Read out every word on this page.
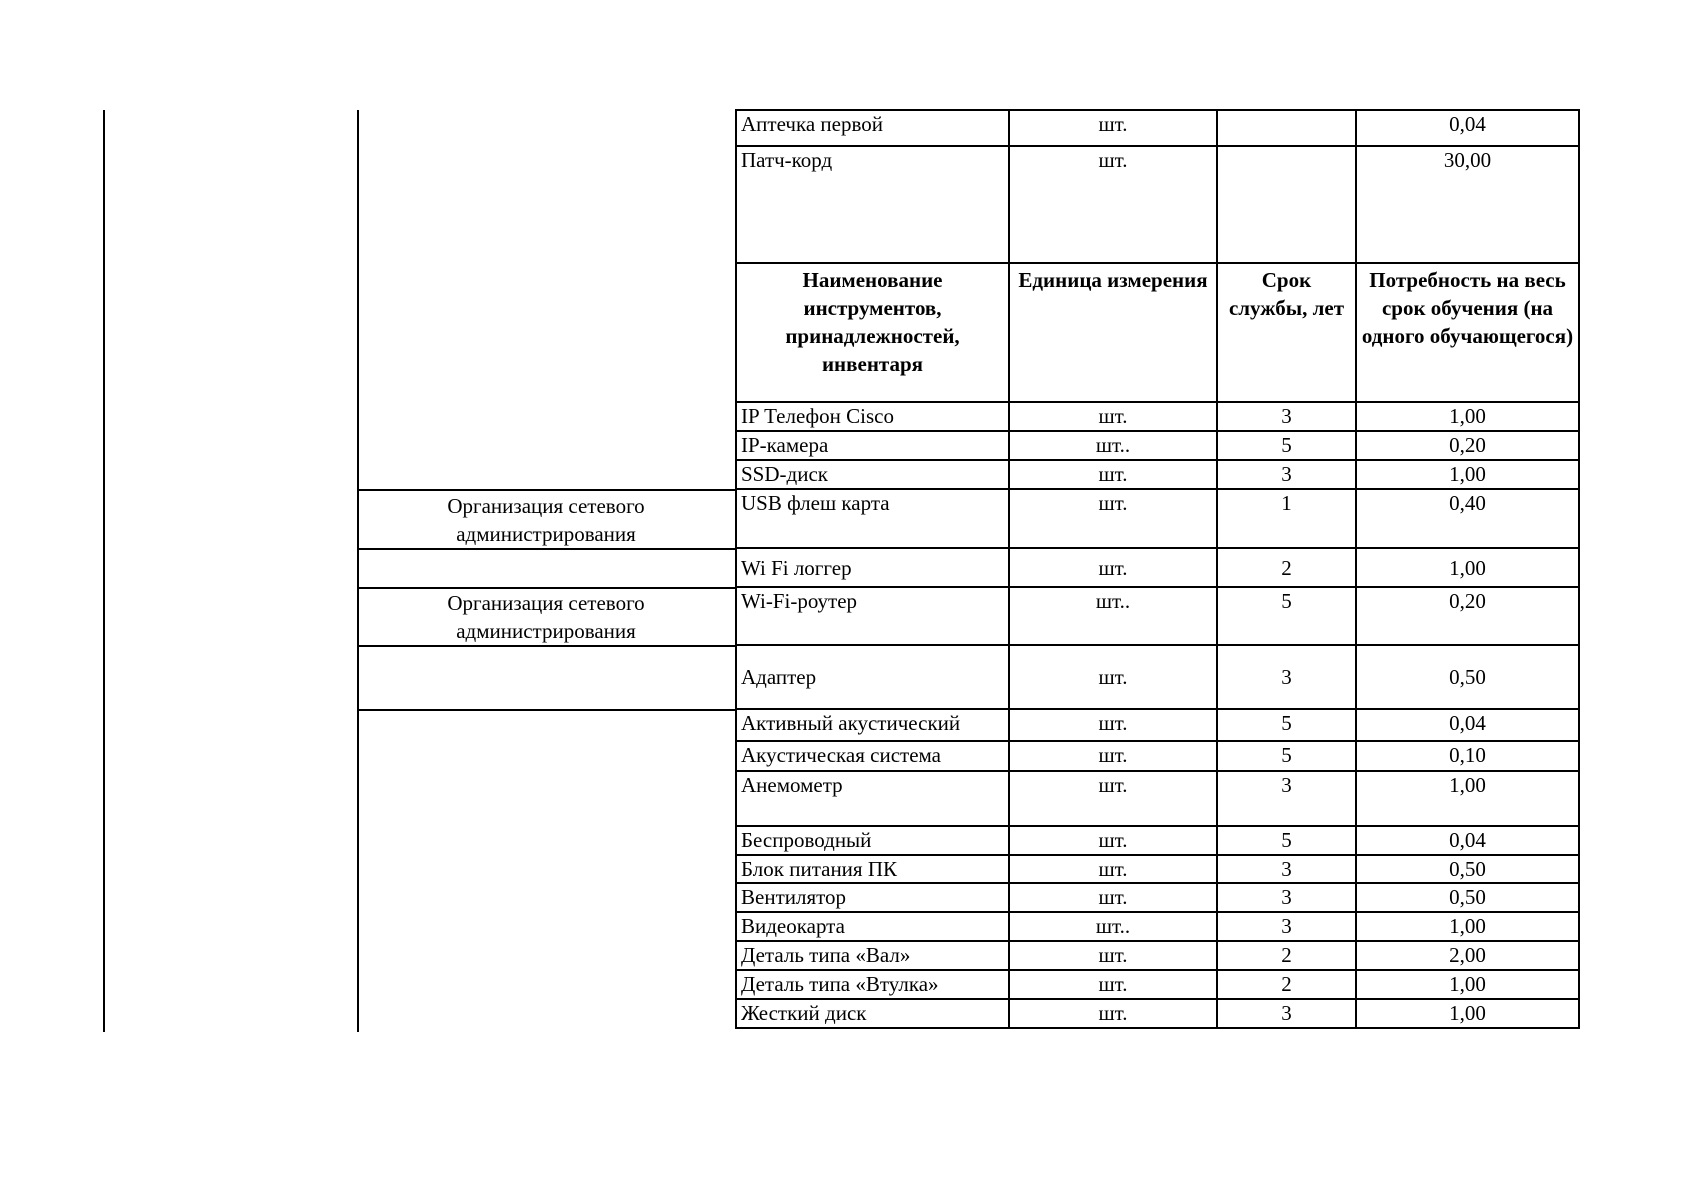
Организация сетевого администрирования
Организация сетевого администрирования
Аптечка первой	шт.		0,04
Патч-корд	шт.		30,00
Наименование инструментов, принадлежностей, инвентаря	Единица измерения	Срок службы, лет	Потребность на весь срок обучения (на одного обучающегося)
IP Телефон Cisco	шт.	3	1,00
IP-камера	шт..	5	0,20
SSD-диск	шт.	3	1,00
USB флеш карта	шт.	1	0,40
Wi Fi логгер	шт.	2	1,00
Wi-Fi-роутер	шт..	5	0,20
Адаптер	шт.	3	0,50
Активный акустический	шт.	5	0,04
Акустическая система	шт.	5	0,10
Анемометр	шт.	3	1,00
Беспроводный	шт.	5	0,04
Блок питания ПК	шт.	3	0,50
Вентилятор	шт.	3	0,50
Видеокарта	шт..	3	1,00
Деталь типа «Вал»	шт.	2	2,00
Деталь типа «Втулка»	шт.	2	1,00
Жесткий диск	шт.	3	1,00
